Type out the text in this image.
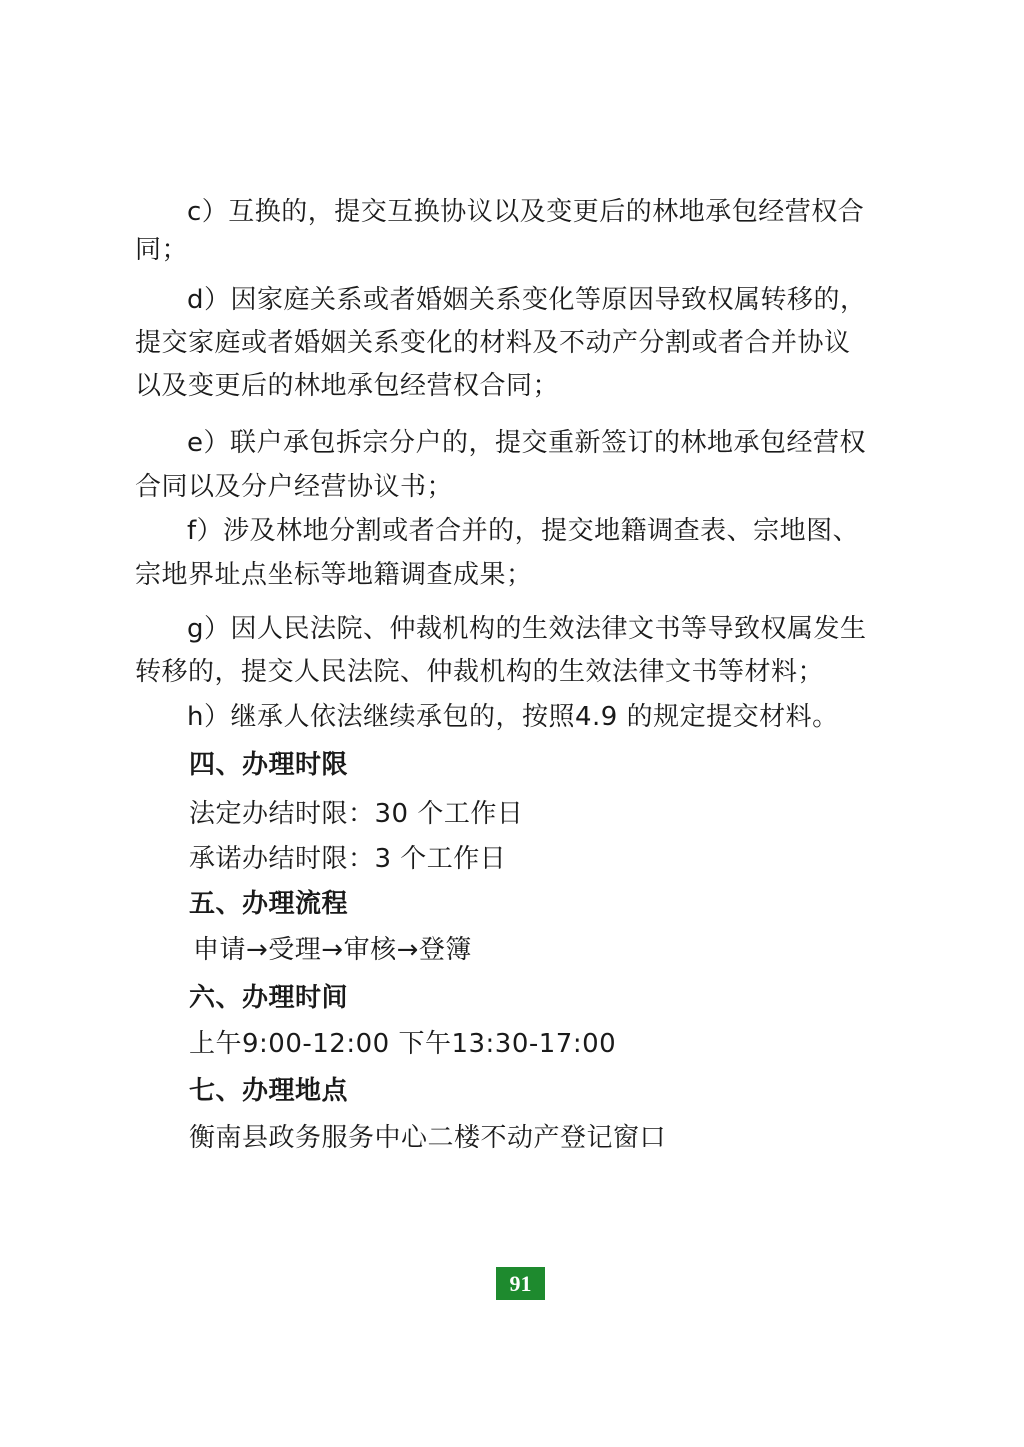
c）互换的，提交互换协议以及变更后的林地承包经营权合
同；
d）因家庭关系或者婚姻关系变化等原因导致权属转移的，
提交家庭或者婚姻关系变化的材料及不动产分割或者合并协议
以及变更后的林地承包经营权合同；
e）联户承包拆宗分户的，提交重新签订的林地承包经营权
合同以及分户经营协议书；
f）涉及林地分割或者合并的，提交地籍调查表、宗地图、
宗地界址点坐标等地籍调查成果；
g）因人民法院、仲裁机构的生效法律文书等导致权属发生
转移的，提交人民法院、仲裁机构的生效法律文书等材料；
h）继承人依法继续承包的，按照4.9 的规定提交材料。
四、办理时限
法定办结时限：30 个工作日
承诺办结时限：3 个工作日
五、办理流程
申请→受理→审核→登簿
六、办理时间
上午9:00-12:00 下午13:30-17:00
七、办理地点
衡南县政务服务中心二楼不动产登记窗口
91
